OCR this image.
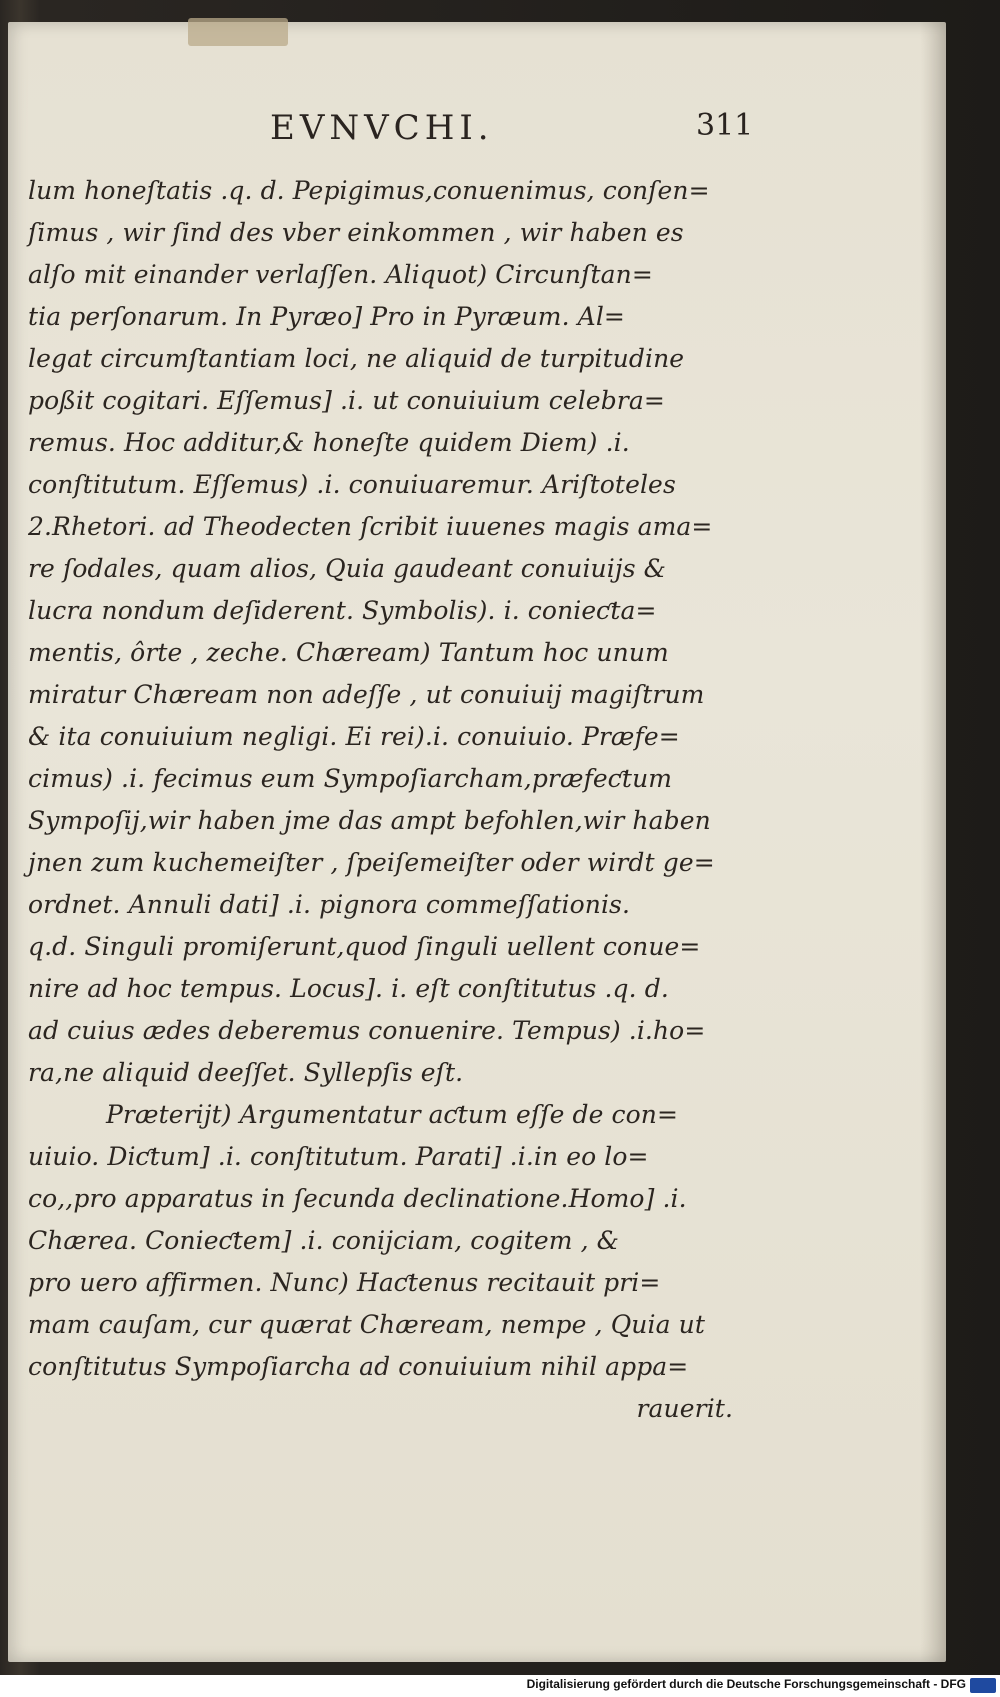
EVNVCHI.	311
lum honeſtatis .q. d. Pepigimus,conuenimus, conſen=
ſimus , wir ſind des vber einkommen , wir haben es
alſo mit einander verlaſſen. Aliquot) Circunſtan=
tia perſonarum. In Pyræo] Pro in Pyræum. Al=
legat circumſtantiam loci, ne aliquid de turpitudine
poßit cogitari. Eſſemus] .i. ut conuiuium celebra=
remus. Hoc additur,& honeſte quidem Diem) .i.
conſtitutum. Eſſemus) .i. conuiuaremur. Ariſtoteles
2.Rhetori. ad Theodecten ſcribit iuuenes magis ama=
re ſodales, quam alios, Quia gaudeant conuiuijs &
lucra nondum deſiderent. Symbolis). i. conieƈta=
mentis, ôrte , zeche. Chæream) Tantum hoc unum
miratur Chæream non adeſſe , ut conuiuij magiſtrum
& ita conuiuium negligi. Ei rei).i. conuiuio. Præfe=
cimus) .i. fecimus eum Sympoſiarcham,præfeƈtum
Sympoſij,wir haben jme das ampt befohlen,wir haben
jnen zum kuchemeiſter , ſpeiſemeiſter oder wirdt ge=
ordnet. Annuli dati] .i. pignora commeſſationis.
q.d. Singuli promiſerunt,quod ſinguli uellent conue=
nire ad hoc tempus. Locus]. i. eſt conſtitutus .q. d.
ad cuius ædes deberemus conuenire. Tempus) .i.ho=
ra,ne aliquid deeſſet. Syllepſis eſt.
Præterijt) Argumentatur aƈtum eſſe de con=
uiuio. Diƈtum] .i. conſtitutum. Parati] .i.in eo lo=
co,,pro apparatus in ſecunda declinatione.Homo] .i.
Chærea. Conieƈtem] .i. conijciam, cogitem , &
pro uero affirmen. Nunc) Haƈtenus recitauit pri=
mam cauſam, cur quærat Chæream, nempe , Quia ut
conſtitutus Sympoſiarcha ad conuiuium nihil appa=
rauerit.
Digitalisierung gefördert durch die Deutsche Forschungsgemeinschaft - DFG
